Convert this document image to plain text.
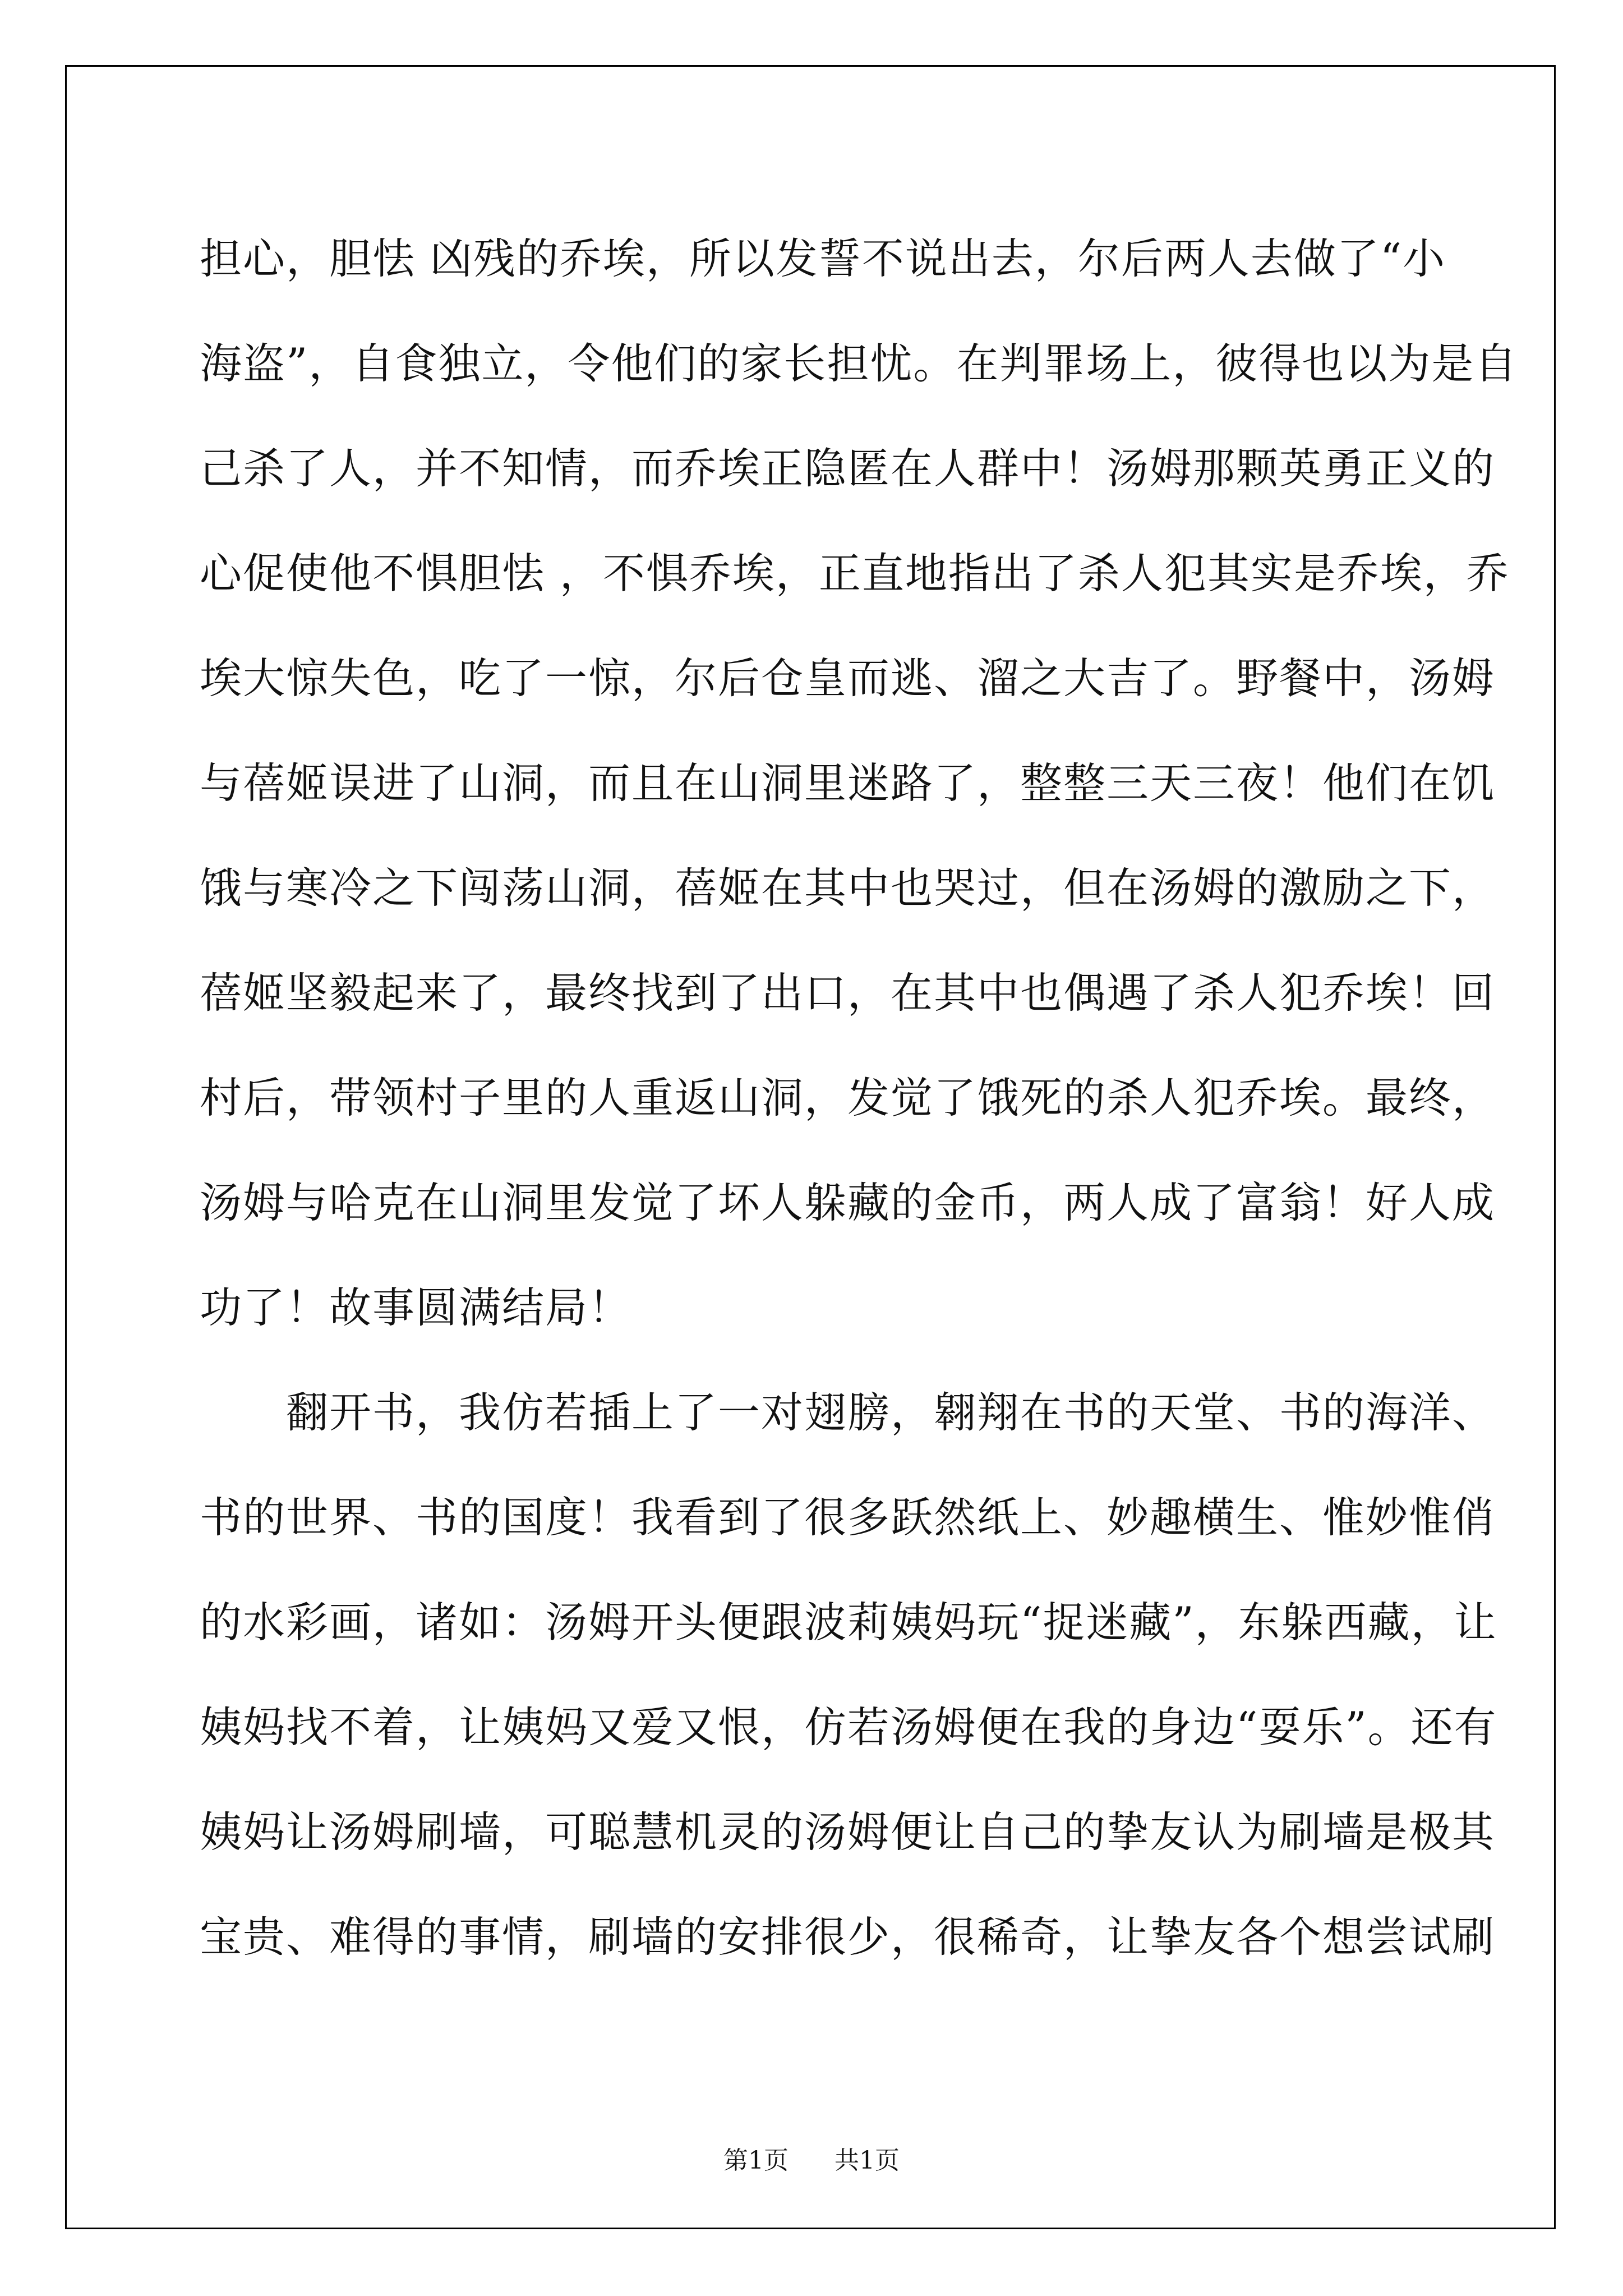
担心，胆怯 凶残的乔埃，所以发誓不说出去，尔后两人去做了“小
海盗”，自食独立，令他们的家长担忧。在判罪场上，彼得也以为是自
己杀了人，并不知情，而乔埃正隐匿在人群中！汤姆那颗英勇正义的
心促使他不惧胆怯 ，不惧乔埃，正直地指出了杀人犯其实是乔埃，乔
埃大惊失色，吃了一惊，尔后仓皇而逃、溜之大吉了。野餐中，汤姆
与蓓姬误进了山洞，而且在山洞里迷路了，整整三天三夜！他们在饥
饿与寒冷之下闯荡山洞，蓓姬在其中也哭过，但在汤姆的激励之下，
蓓姬坚毅起来了，最终找到了出口，在其中也偶遇了杀人犯乔埃！回
村后，带领村子里的人重返山洞，发觉了饿死的杀人犯乔埃。最终，
汤姆与哈克在山洞里发觉了坏人躲藏的金币，两人成了富翁！好人成
功了！故事圆满结局！
　　翻开书，我仿若插上了一对翅膀，翱翔在书的天堂、书的海洋、
书的世界、书的国度！我看到了很多跃然纸上、妙趣横生、惟妙惟俏
的水彩画，诸如：汤姆开头便跟波莉姨妈玩“捉迷藏”，东躲西藏，让
姨妈找不着，让姨妈又爱又恨，仿若汤姆便在我的身边“耍乐”。还有
姨妈让汤姆刷墙，可聪慧机灵的汤姆便让自己的挚友认为刷墙是极其
宝贵、难得的事情，刷墙的安排很少，很稀奇，让挚友各个想尝试刷
第1页 共1页
